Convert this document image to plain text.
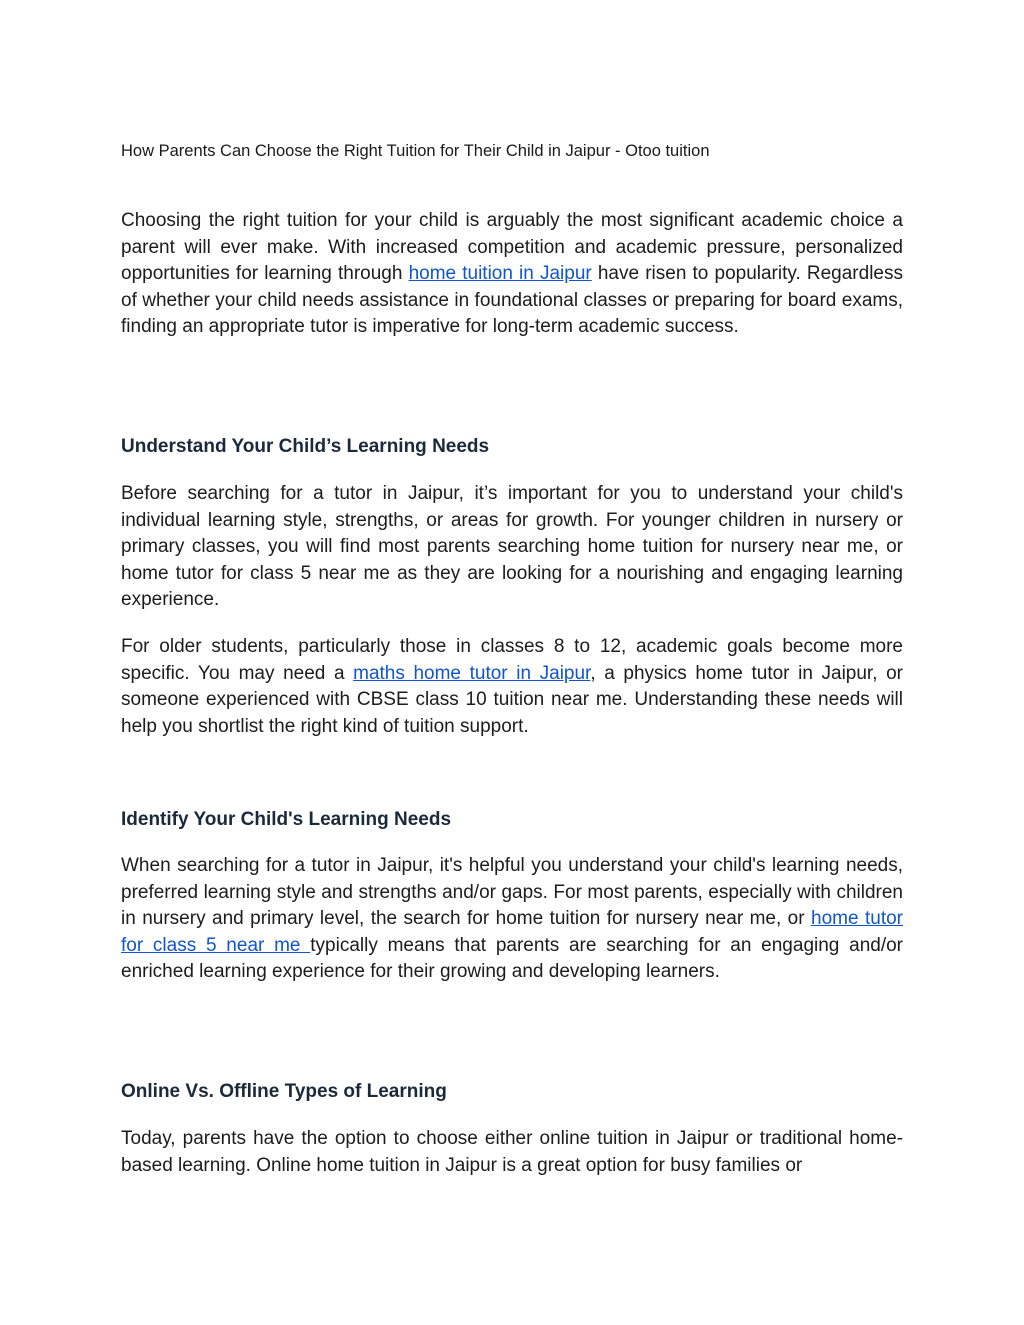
How Parents Can Choose the Right Tuition for Their Child in Jaipur - Otoo tuition

Choosing the right tuition for your child is arguably the most significant academic choice a parent will ever make. With increased competition and academic pressure, personalized opportunities for learning through home tuition in Jaipur have risen to popularity. Regardless of whether your child needs assistance in foundational classes or preparing for board exams, finding an appropriate tutor is imperative for long-term academic success.

Understand Your Child’s Learning Needs

Before searching for a tutor in Jaipur, it’s important for you to understand your child's individual learning style, strengths, or areas for growth. For younger children in nursery or primary classes, you will find most parents searching home tuition for nursery near me, or home tutor for class 5 near me as they are looking for a nourishing and engaging learning experience.

For older students, particularly those in classes 8 to 12, academic goals become more specific. You may need a maths home tutor in Jaipur, a physics home tutor in Jaipur, or someone experienced with CBSE class 10 tuition near me. Understanding these needs will help you shortlist the right kind of tuition support.

Identify Your Child's Learning Needs

When searching for a tutor in Jaipur, it's helpful you understand your child's learning needs, preferred learning style and strengths and/or gaps. For most parents, especially with children in nursery and primary level, the search for home tuition for nursery near me, or home tutor for class 5 near me typically means that parents are searching for an engaging and/or enriched learning experience for their growing and developing learners.

Online Vs. Offline Types of Learning

Today, parents have the option to choose either online tuition in Jaipur or traditional home-based learning. Online home tuition in Jaipur is a great option for busy families or
